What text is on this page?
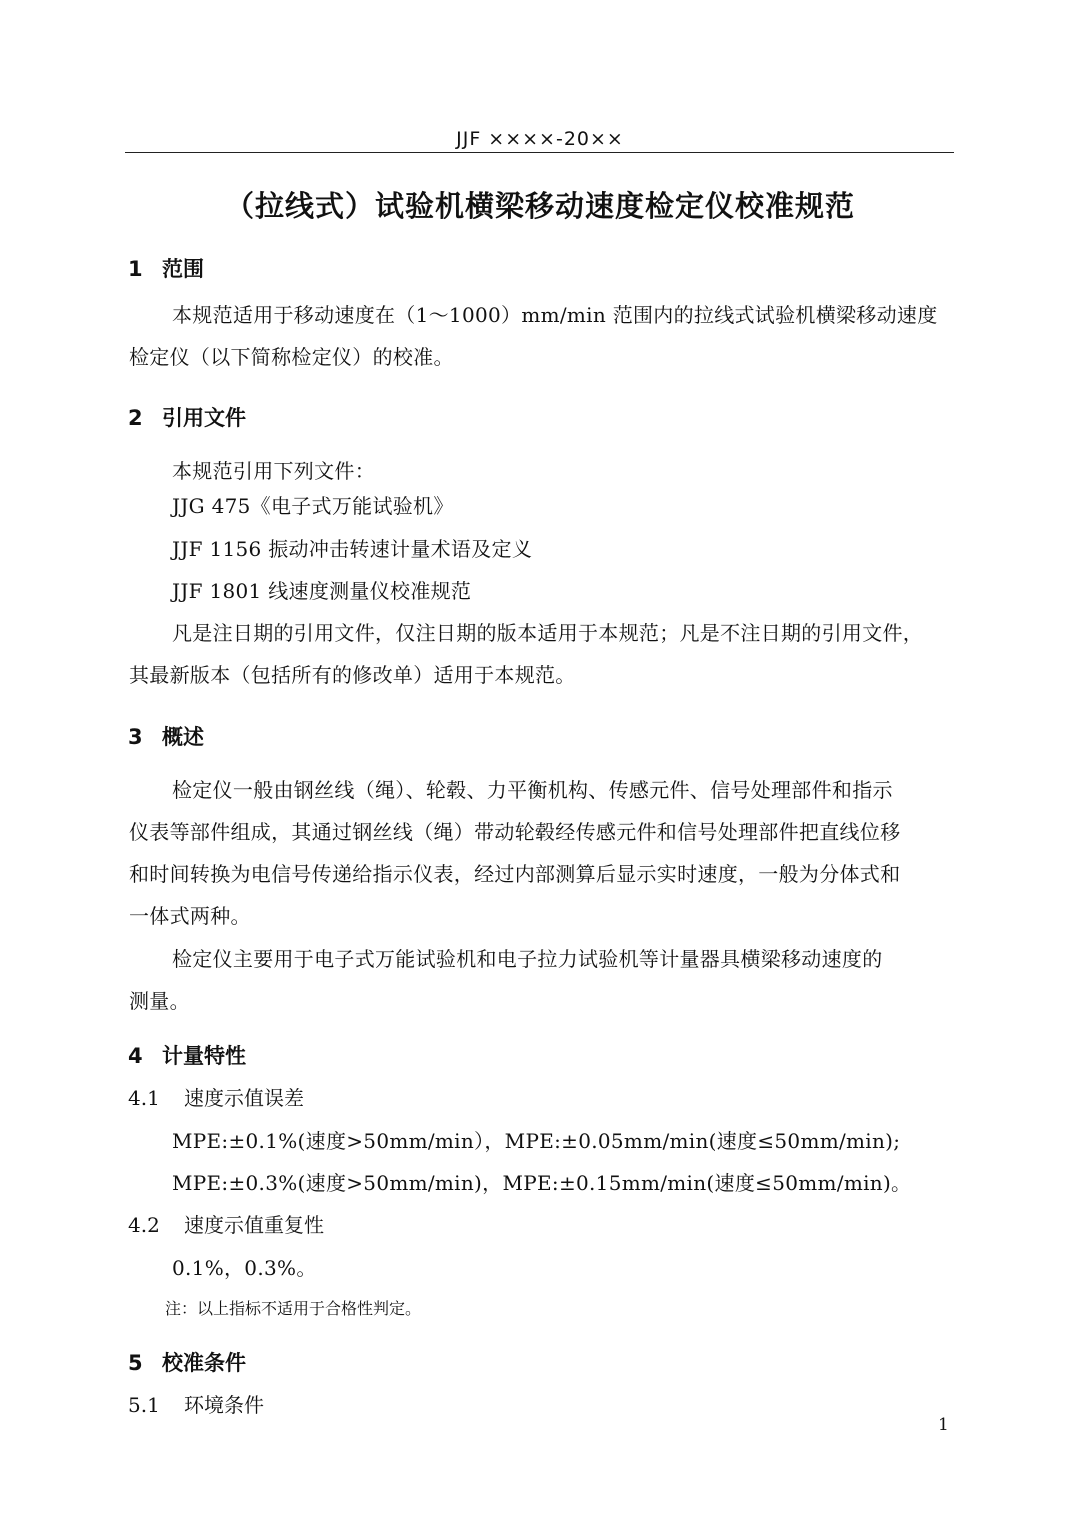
JJF ××××-20××
（拉线式）试验机横梁移动速度检定仪校准规范
1 范围
本规范适用于移动速度在（1～1000）mm/min 范围内的拉线式试验机横梁移动速度
检定仪（以下简称检定仪）的校准。
2 引用文件
本规范引用下列文件：
JJG 475《电子式万能试验机》
JJF 1156 振动冲击转速计量术语及定义
JJF 1801 线速度测量仪校准规范
凡是注日期的引用文件，仅注日期的版本适用于本规范；凡是不注日期的引用文件，
其最新版本（包括所有的修改单）适用于本规范。
3 概述
检定仪一般由钢丝线（绳）、轮毂、力平衡机构、传感元件、信号处理部件和指示
仪表等部件组成，其通过钢丝线（绳）带动轮毂经传感元件和信号处理部件把直线位移
和时间转换为电信号传递给指示仪表，经过内部测算后显示实时速度，一般为分体式和
一体式两种。
检定仪主要用于电子式万能试验机和电子拉力试验机等计量器具横梁移动速度的
测量。
4 计量特性
4.1 速度示值误差
MPE:±0.1%(速度>50mm/min），MPE:±0.05mm/min(速度≤50mm/min);
MPE:±0.3%(速度>50mm/min)，MPE:±0.15mm/min(速度≤50mm/min)。
4.2 速度示值重复性
0.1%，0.3%。
注：以上指标不适用于合格性判定。
5 校准条件
5.1 环境条件
1
